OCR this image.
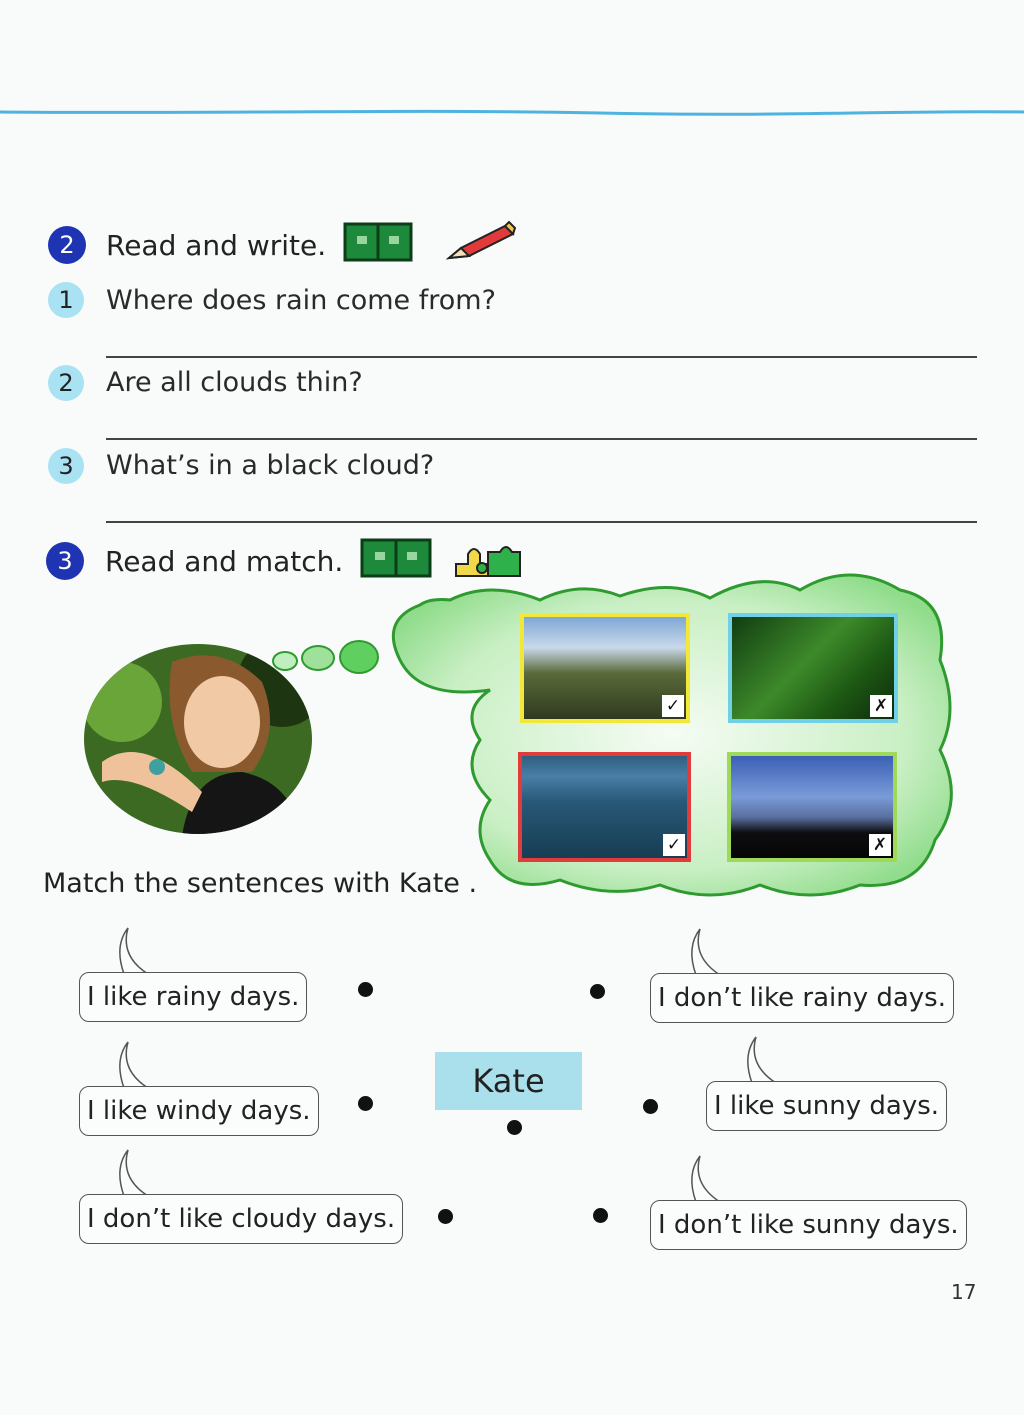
2	Read and write.
1	Where does rain come from?
2	Are all clouds thin?
3	What’s in a black cloud?
3	Read and match.
✓	✗
✓	✗
Match the sentences with Kate .
I like rainy days.
I like windy days.
I don’t like cloudy days.
I don’t like rainy days.
I like sunny days.
I don’t like sunny days.
Kate
17
